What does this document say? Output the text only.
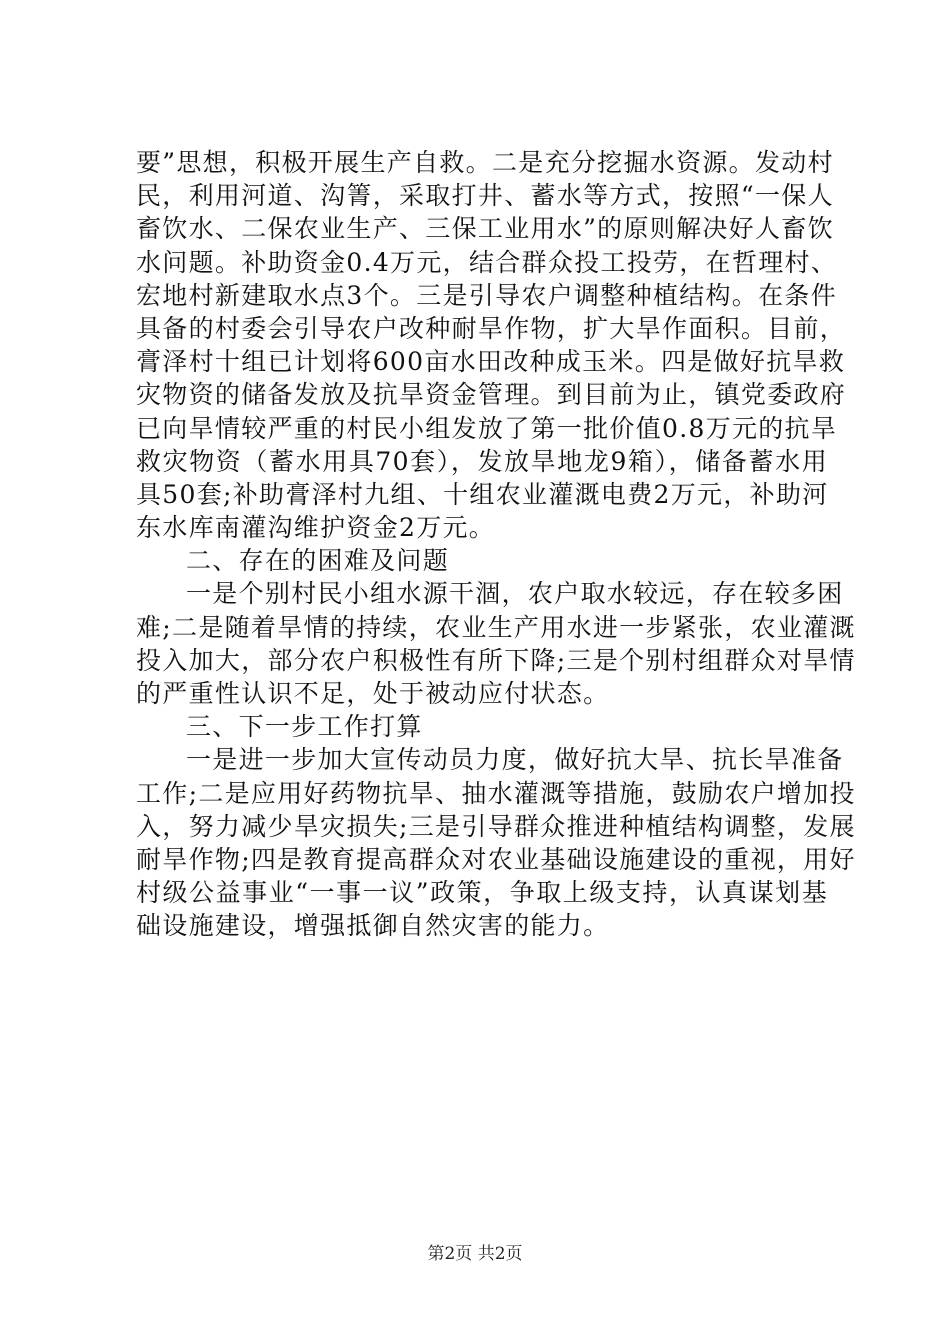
要”思想，积极开展生产自救。二是充分挖掘水资源。发动村
民，利用河道、沟箐，采取打井、蓄水等方式，按照“一保人
畜饮水、二保农业生产、三保工业用水”的原则解决好人畜饮
水问题。补助资金0.4万元，结合群众投工投劳，在哲理村、
宏地村新建取水点3个。三是引导农户调整种植结构。在条件
具备的村委会引导农户改种耐旱作物，扩大旱作面积。目前，
膏泽村十组已计划将600亩水田改种成玉米。四是做好抗旱救
灾物资的储备发放及抗旱资金管理。到目前为止，镇党委政府
已向旱情较严重的村民小组发放了第一批价值0.8万元的抗旱
救灾物资（蓄水用具70套），发放旱地龙9箱），储备蓄水用
具50套;补助膏泽村九组、十组农业灌溉电费2万元，补助河
东水库南灌沟维护资金2万元。
二、存在的困难及问题
一是个别村民小组水源干涸，农户取水较远，存在较多困
难;二是随着旱情的持续，农业生产用水进一步紧张，农业灌溉
投入加大，部分农户积极性有所下降;三是个别村组群众对旱情
的严重性认识不足，处于被动应付状态。
三、下一步工作打算
一是进一步加大宣传动员力度，做好抗大旱、抗长旱准备
工作;二是应用好药物抗旱、抽水灌溉等措施，鼓励农户增加投
入，努力减少旱灾损失;三是引导群众推进种植结构调整，发展
耐旱作物;四是教育提高群众对农业基础设施建设的重视，用好
村级公益事业“一事一议”政策，争取上级支持，认真谋划基
础设施建设，增强抵御自然灾害的能力。
第2页 共2页
